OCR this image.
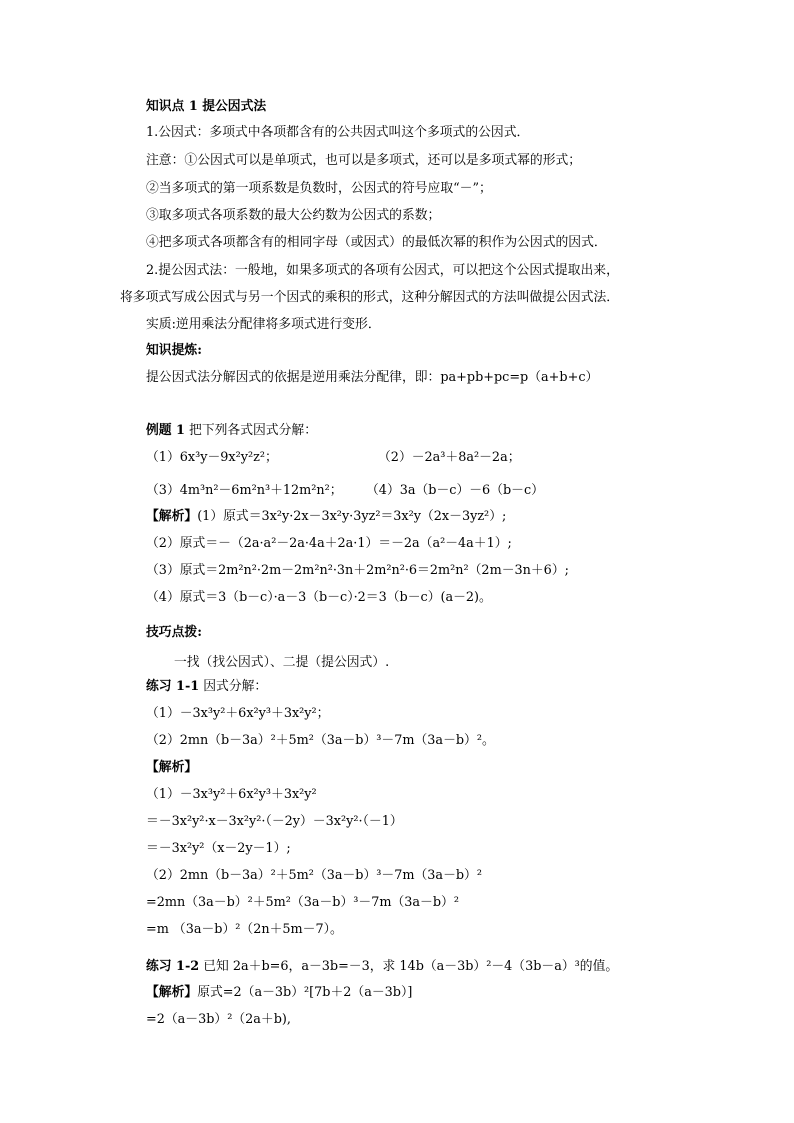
知识点 1 提公因式法
1.公因式：多项式中各项都含有的公共因式叫这个多项式的公因式．
注意：①公因式可以是单项式，也可以是多项式，还可以是多项式幂的形式；
②当多项式的第一项系数是负数时，公因式的符号应取“－”；
③取多项式各项系数的最大公约数为公因式的系数；
④把多项式各项都含有的相同字母（或因式）的最低次幂的积作为公因式的因式．
2.提公因式法：一般地，如果多项式的各项有公因式，可以把这个公因式提取出来，
将多项式写成公因式与另一个因式的乘积的形式，这种分解因式的方法叫做提公因式法．
实质:逆用乘法分配律将多项式进行变形．
知识提炼:
提公因式法分解因式的依据是逆用乘法分配律，即：pa+pb+pc=p（a+b+c）
例题 1 把下列各式因式分解：
（1）6x³y－9x²y²z²；	（2）－2a³＋8a²－2a；
（3）4m³n²－6m²n³＋12m²n²； （4）3a（b－c）－6（b－c）
【解析】(1）原式＝3x²y·2x－3x²y·3yz²＝3x²y（2x－3yz²）;
（2）原式＝－（2a·a²－2a·4a＋2a·1）＝－2a（a²－4a＋1）;
（3）原式＝2m²n²·2m－2m²n²·3n＋2m²n²·6＝2m²n²（2m－3n＋6）;
（4）原式＝3（b－c）·a－3（b－c）·2＝3（b－c）(a－2)。
技巧点拨:
一找（找公因式）、二提（提公因式）.
练习 1-1 因式分解：
（1）－3x³y²＋6x²y³＋3x²y²；
（2）2mn（b－3a）²＋5m²（3a－b）³－7m（3a－b）²。
【解析】
（1）－3x³y²＋6x²y³＋3x²y²
＝－3x²y²·x－3x²y²·（－2y）－3x²y²·（－1）
＝－3x²y²（x－2y－1）;
（2）2mn（b－3a）²＋5m²（3a－b）³－7m（3a－b）²
=2mn（3a－b）²＋5m²（3a－b）³－7m（3a－b）²
=m （3a－b）²（2n＋5m－7）。
练习 1-2 已知 2a＋b=6，a－3b=－3，求 14b（a－3b）²－4（3b－a）³的值。
【解析】原式=2（a－3b）²[7b＋2（a－3b）]
=2（a－3b）²（2a＋b),
